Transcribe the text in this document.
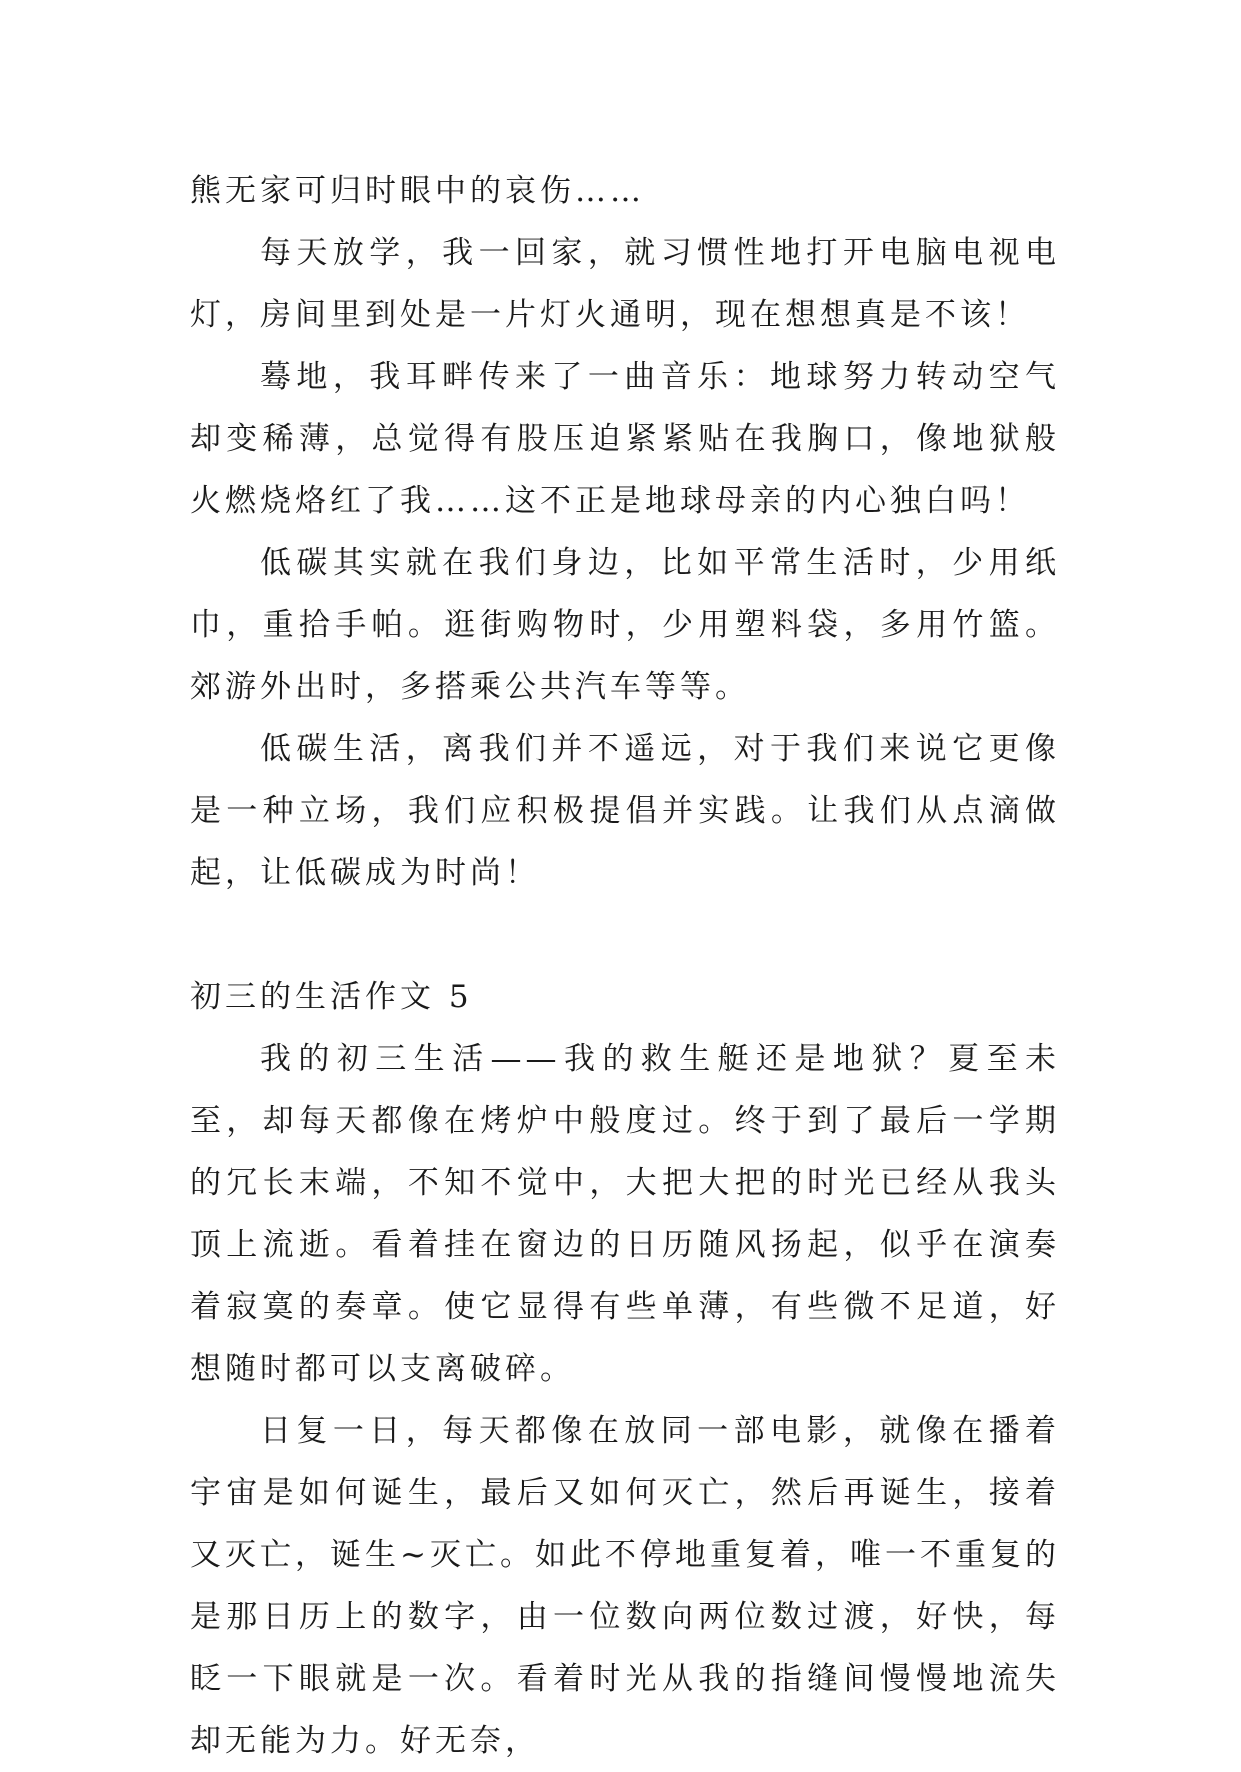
熊无家可归时眼中的哀伤……

每天放学，我一回家，就习惯性地打开电脑电视电灯，房间里到处是一片灯火通明，现在想想真是不该！

蓦地，我耳畔传来了一曲音乐：地球努力转动空气却变稀薄，总觉得有股压迫紧紧贴在我胸口，像地狱般火燃烧烙红了我……这不正是地球母亲的内心独白吗！

低碳其实就在我们身边，比如平常生活时，少用纸巾，重拾手帕。逛街购物时，少用塑料袋，多用竹篮。郊游外出时，多搭乘公共汽车等等。

低碳生活，离我们并不遥远，对于我们来说它更像是一种立场，我们应积极提倡并实践。让我们从点滴做起，让低碳成为时尚！

初三的生活作文 5

我的初三生活——我的救生艇还是地狱？夏至未至，却每天都像在烤炉中般度过。终于到了最后一学期的冗长末端，不知不觉中，大把大把的时光已经从我头顶上流逝。看着挂在窗边的日历随风扬起，似乎在演奏着寂寞的奏章。使它显得有些单薄，有些微不足道，好想随时都可以支离破碎。

日复一日，每天都像在放同一部电影，就像在播着宇宙是如何诞生，最后又如何灭亡，然后再诞生，接着又灭亡，诞生~灭亡。如此不停地重复着，唯一不重复的是那日历上的数字，由一位数向两位数过渡，好快，每眨一下眼就是一次。看着时光从我的指缝间慢慢地流失却无能为力。好无奈，
